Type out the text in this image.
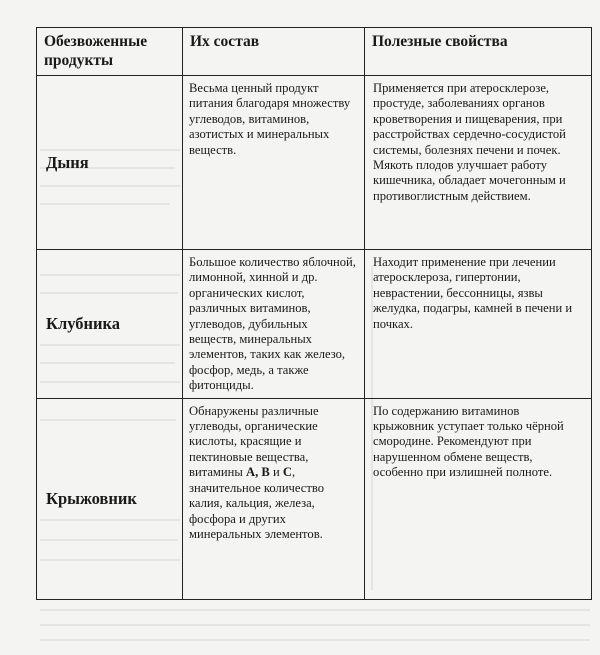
Обезвоженные продукты	Их состав	Полезные свойства

Дыня	Весьма ценный продукт питания благодаря множеству углеводов, витаминов, азотистых и минеральных веществ.	Применяется при атеросклерозе, простуде, заболеваниях органов кроветворения и пищеварения, при расстройствах сердечно-сосудистой системы, болезнях печени и почек. Мякоть плодов улучшает работу кишечника, обладает мочегонным и противоглистным действием.

Клубника	Большое количество яблочной, лимонной, хинной и др. органических кислот, различных витаминов, углеводов, дубильных веществ, минеральных элементов, таких как железо, фосфор, медь, а также фитонциды.	Находит применение при лечении атеросклероза, гипертонии, неврастении, бессонницы, язвы желудка, подагры, камней в печени и почках.

Крыжовник	Обнаружены различные углеводы, органические кислоты, красящие и пектиновые вещества, витамины A, B и C, значительное количество калия, кальция, железа, фосфора и других минеральных элементов.	По содержанию витаминов крыжовник уступает только чёрной смородине. Рекомендуют при нарушенном обмене веществ, особенно при излишней полноте.
